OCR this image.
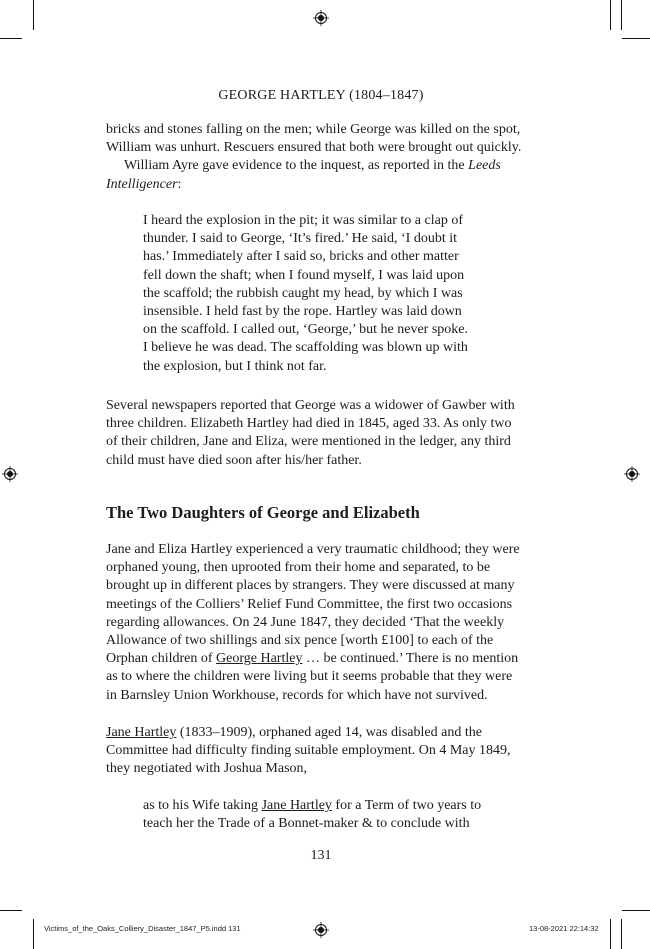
GEORGE HARTLEY (1804–1847)

bricks and stones falling on the men; while George was killed on the spot,

William was unhurt. Rescuers ensured that both were brought out quickly.

William Ayre gave evidence to the inquest, as reported in the Leeds

Intelligencer:

I heard the explosion in the pit; it was similar to a clap of

thunder. I said to George, ‘It’s fired.’ He said, ‘I doubt it

has.’ Immediately after I said so, bricks and other matter

fell down the shaft; when I found myself, I was laid upon

the scaffold; the rubbish caught my head, by which I was

insensible. I held fast by the rope. Hartley was laid down

on the scaffold. I called out, ‘George,’ but he never spoke.

I believe he was dead. The scaffolding was blown up with

the explosion, but I think not far.

Several newspapers reported that George was a widower of Gawber with

three children. Elizabeth Hartley had died in 1845, aged 33. As only two

of their children, Jane and Eliza, were mentioned in the ledger, any third

child must have died soon after his/her father.

The Two Daughters of George and Elizabeth

Jane and Eliza Hartley experienced a very traumatic childhood; they were

orphaned young, then uprooted from their home and separated, to be

brought up in different places by strangers. They were discussed at many

meetings of the Colliers’ Relief Fund Committee, the first two occasions

regarding allowances. On 24 June 1847, they decided ‘That the weekly

Allowance of two shillings and six pence [worth £100] to each of the

Orphan children of George Hartley … be continued.’ There is no mention

as to where the children were living but it seems probable that they were

in Barnsley Union Workhouse, records for which have not survived.

Jane Hartley (1833–1909), orphaned aged 14, was disabled and the

Committee had difficulty finding suitable employment. On 4 May 1849,

they negotiated with Joshua Mason,

as to his Wife taking Jane Hartley for a Term of two years to

teach her the Trade of a Bonnet-maker & to conclude with

131
Victims_of_the_Oaks_Colliery_Disaster_1847_P5.indd 131	13-08-2021 22:14:32
